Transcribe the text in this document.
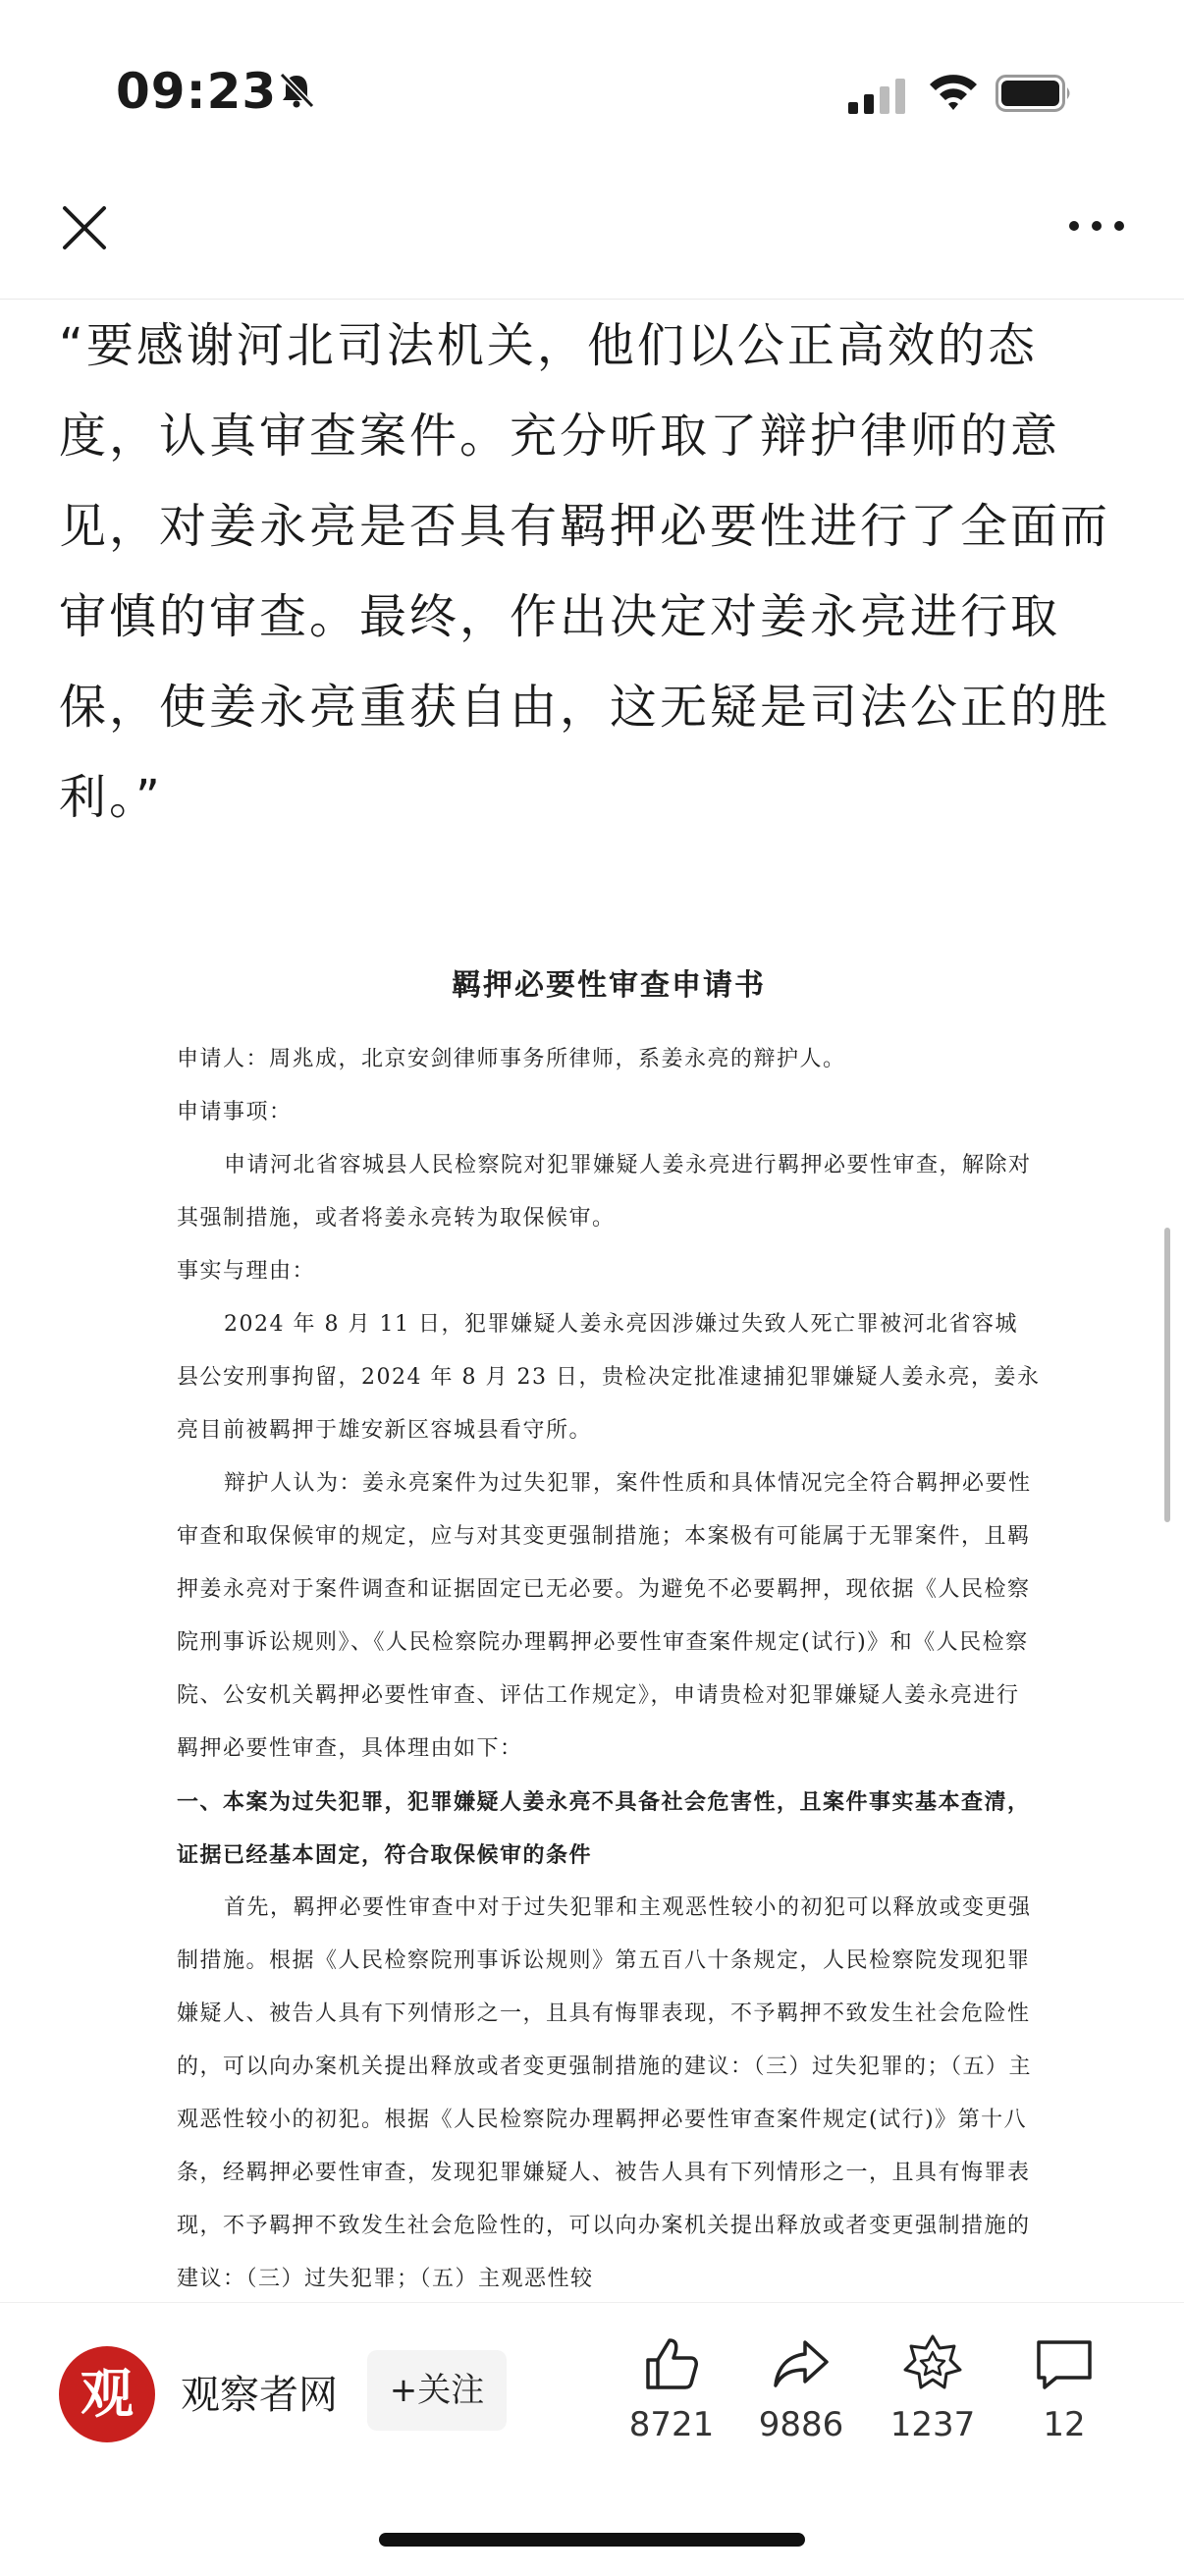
09:23
“要感谢河北司法机关，他们以公正高效的态度，认真审查案件。充分听取了辩护律师的意见，对姜永亮是否具有羁押必要性进行了全面而审慎的审查。最终，作出决定对姜永亮进行取保，使姜永亮重获自由，这无疑是司法公正的胜利。”
羁押必要性审查申请书

申请人：周兆成，北京安剑律师事务所律师，系姜永亮的辩护人。

申请事项：

申请河北省容城县人民检察院对犯罪嫌疑人姜永亮进行羁押必要性审查，解除对其强制措施，或者将姜永亮转为取保候审。

事实与理由：

2024 年 8 月 11 日，犯罪嫌疑人姜永亮因涉嫌过失致人死亡罪被河北省容城县公安刑事拘留，2024 年 8 月 23 日，贵检决定批准逮捕犯罪嫌疑人姜永亮，姜永亮目前被羁押于雄安新区容城县看守所。

辩护人认为：姜永亮案件为过失犯罪，案件性质和具体情况完全符合羁押必要性审查和取保候审的规定，应与对其变更强制措施；本案极有可能属于无罪案件，且羁押姜永亮对于案件调查和证据固定已无必要。为避免不必要羁押，现依据《人民检察院刑事诉讼规则》、《人民检察院办理羁押必要性审查案件规定(试行)》和《人民检察院、公安机关羁押必要性审查、评估工作规定》，申请贵检对犯罪嫌疑人姜永亮进行羁押必要性审查，具体理由如下：

一、本案为过失犯罪，犯罪嫌疑人姜永亮不具备社会危害性，且案件事实基本查清，证据已经基本固定，符合取保候审的条件

首先，羁押必要性审查中对于过失犯罪和主观恶性较小的初犯可以释放或变更强制措施。根据《人民检察院刑事诉讼规则》第五百八十条规定，人民检察院发现犯罪嫌疑人、被告人具有下列情形之一，且具有悔罪表现，不予羁押不致发生社会危险性的，可以向办案机关提出释放或者变更强制措施的建议：（三）过失犯罪的；（五）主观恶性较小的初犯。根据《人民检察院办理羁押必要性审查案件规定(试行)》第十八条，经羁押必要性审查，发现犯罪嫌疑人、被告人具有下列情形之一，且具有悔罪表现，不予羁押不致发生社会危险性的，可以向办案机关提出释放或者变更强制措施的建议：（三）过失犯罪；（五）主观恶性较

观	观察者网	+关注
8721	9886	1237	12
